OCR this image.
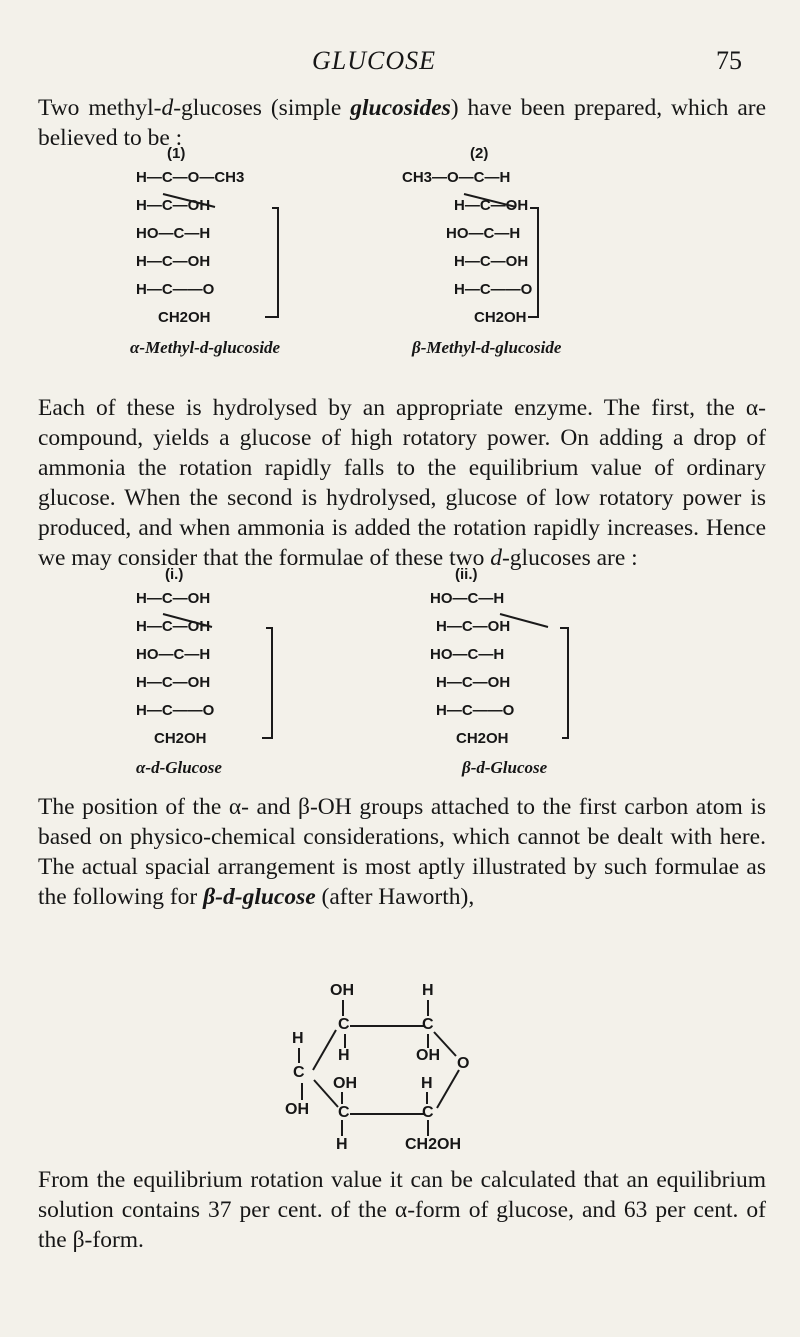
GLUCOSE	75

Two methyl-d-glucoses (simple glucosides) have been prepared, which are believed to be :

(1)
H—C—O—CH3
H—C—OH
HO—C—H
H—C—OH
H—C——O
CH2OH
α-Methyl-d-glucoside
(2)
CH3—O—C—H
H—C—OH
HO—C—H
H—C—OH
H—C——O
CH2OH
β-Methyl-d-glucoside

Each of these is hydrolysed by an appropriate enzyme. The first, the α-compound, yields a glucose of high rotatory power. On adding a drop of ammonia the rotation rapidly falls to the equilibrium value of ordinary glucose. When the second is hydrolysed, glucose of low rotatory power is produced, and when ammonia is added the rotation rapidly increases. Hence we may consider that the formulae of these two d-glucoses are :

(i.)
H—C—OH
H—C—OH
HO—C—H
H—C—OH
H—C——O
CH2OH
α-d-Glucose
(ii.)
HO—C—H
H—C—OH
HO—C—H
H—C—OH
H—C——O
CH2OH
β-d-Glucose

The position of the α- and β-OH groups attached to the first carbon atom is based on physico-chemical considerations, which cannot be dealt with here. The actual spacial arrangement is most aptly illustrated by such formulae as the following for β-d-glucose (after Haworth),

OH	H
C	C
H
H	OH
C
O
OH	H
OH C	C
H	CH2OH

From the equilibrium rotation value it can be calculated that an equilibrium solution contains 37 per cent. of the α-form of glucose, and 63 per cent. of the β-form.
